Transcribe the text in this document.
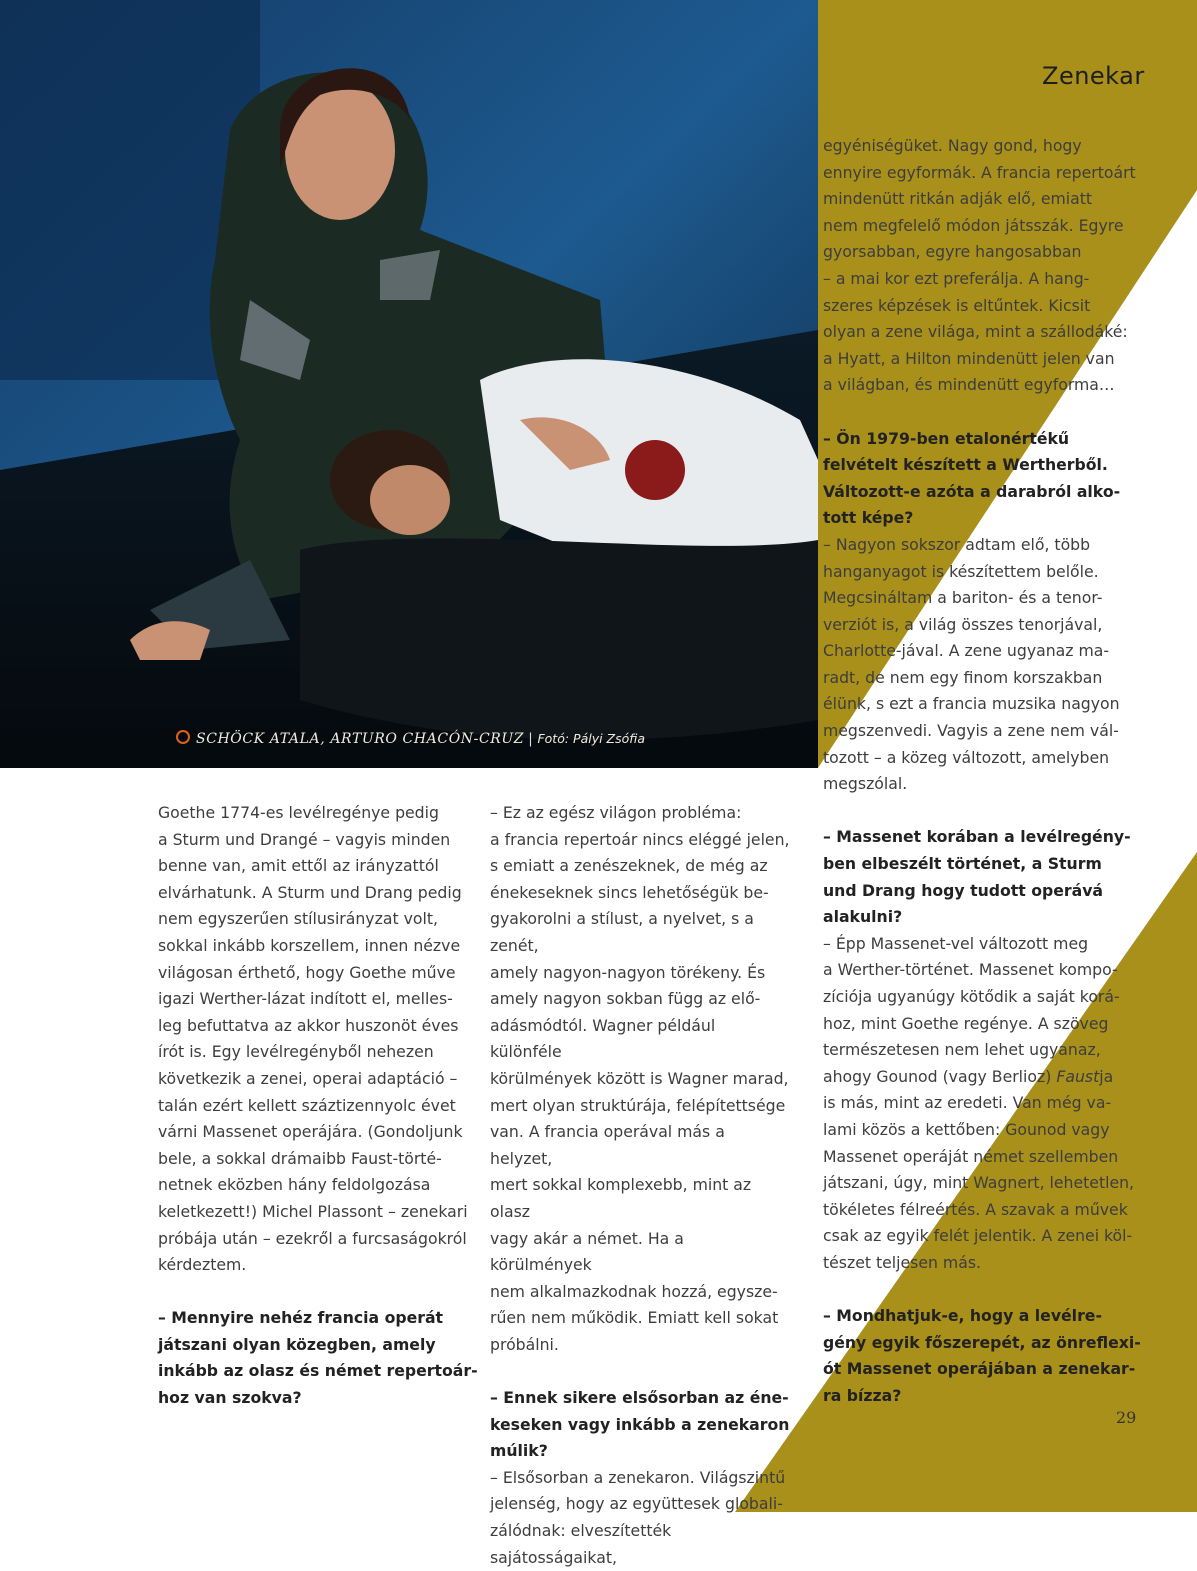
Zenekar
SCHÖCK ATALA, ARTURO CHACÓN-CRUZ | Fotó: Pályi Zsófia

Goethe 1774-es levélregénye pedig
a Sturm und Drangé – vagyis minden
benne van, amit ettől az irányzattól
elvárhatunk. A Sturm und Drang pedig
nem egyszerűen stílusirányzat volt,
sokkal inkább korszellem, innen nézve
világosan érthető, hogy Goethe műve
igazi Werther-lázat indított el, melles-
leg befuttatva az akkor huszonöt éves
írót is. Egy levélregényből nehezen
következik a zenei, operai adaptáció –
talán ezért kellett száztizennyolc évet
várni Massenet operájára. (Gondoljunk
bele, a sokkal drámaibb Faust-törté-
netnek eközben hány feldolgozása
keletkezett!) Michel Plassont – zenekari
próbája után – ezekről a furcsaságokról
kérdeztem.

– Mennyire nehéz francia operát
játszani olyan közegben, amely
inkább az olasz és német repertoár-
hoz van szokva?

– Ez az egész világon probléma:
a francia repertoár nincs eléggé jelen,
s emiatt a zenészeknek, de még az
énekeseknek sincs lehetőségük be-
gyakorolni a stílust, a nyelvet, s a zenét,
amely nagyon-nagyon törékeny. És
amely nagyon sokban függ az elő-
adásmódtól. Wagner például különféle
körülmények között is Wagner marad,
mert olyan struktúrája, felépítettsége
van. A francia operával más a helyzet,
mert sokkal komplexebb, mint az olasz
vagy akár a német. Ha a körülmények
nem alkalmazkodnak hozzá, egysze-
rűen nem működik. Emiatt kell sokat
próbálni.

– Ennek sikere elsősorban az éne-
keseken vagy inkább a zenekaron
múlik?

– Elsősorban a zenekaron. Világszintű
jelenség, hogy az együttesek globali-
zálódnak: elveszítették sajátosságaikat,

egyéniségüket. Nagy gond, hogy
ennyire egyformák. A francia repertoárt
mindenütt ritkán adják elő, emiatt
nem megfelelő módon játsszák. Egyre
gyorsabban, egyre hangosabban
– a mai kor ezt preferálja. A hang-
szeres képzések is eltűntek. Kicsit
olyan a zene világa, mint a szállodáké:
a Hyatt, a Hilton mindenütt jelen van
a világban, és mindenütt egyforma…

– Ön 1979-ben etalonértékű
felvételt készített a Wertherből.
Változott-e azóta a darabról alko-
tott képe?

– Nagyon sokszor adtam elő, több
hanganyagot is készítettem belőle.
Megcsináltam a bariton- és a tenor-
verziót is, a világ összes tenorjával,
Charlotte-jával. A zene ugyanaz ma-
radt, de nem egy finom korszakban
élünk, s ezt a francia muzsika nagyon
megszenvedi. Vagyis a zene nem vál-
tozott – a közeg változott, amelyben
megszólal.

– Massenet korában a levélregény-
ben elbeszélt történet, a Sturm
und Drang hogy tudott operává
alakulni?

– Épp Massenet-vel változott meg
a Werther-történet. Massenet kompo-
zíciója ugyanúgy kötődik a saját korá-
hoz, mint Goethe regénye. A szöveg
természetesen nem lehet ugyanaz,
ahogy Gounod (vagy Berlioz) Faustja
is más, mint az eredeti. Van még va-
lami közös a kettőben: Gounod vagy
Massenet operáját német szellemben
játszani, úgy, mint Wagnert, lehetetlen,
tökéletes félreértés. A szavak a művek
csak az egyik felét jelentik. A zenei köl-
tészet teljesen más.

– Mondhatjuk-e, hogy a levélre-
gény egyik főszerepét, az önreflexi-
ót Massenet operájában a zenekar-
ra bízza?

29
